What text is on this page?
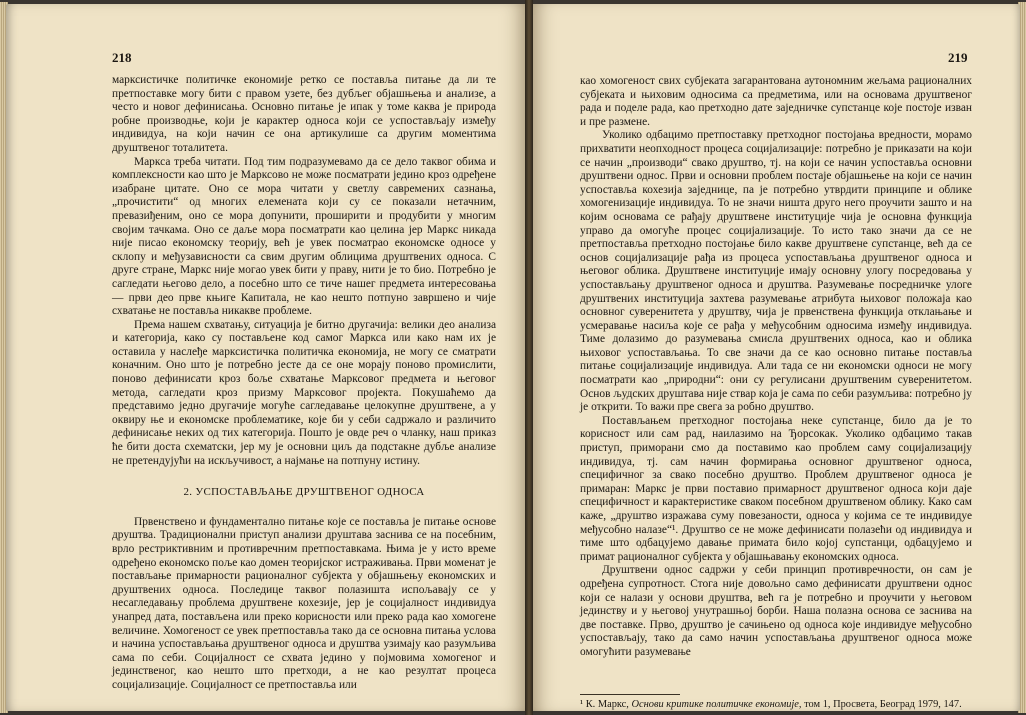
218

марксистичке политичке економије ретко се поставља питање да ли те претпоставке могу бити с правом узете, без дубљег објашњења и анализе, а често и новог дефинисања. Основно питање је ипак у томе каква је природа робне производње, који је карактер односа који се успостављају између индивидуа, на који начин се она артикулише са другим моментима друштвеног тоталитета.

Маркса треба читати. Под тим подразумевамо да се дело таквог обима и комплексности као што је Марксово не може посматрати једино кроз одређене изабране цитате. Оно се мора читати у светлу савремених сазнања, „прочистити“ од многих елемената који су се показали нетачним, превазиђеним, оно се мора допунити, проширити и продубити у многим својим тачкама. Оно се даље мора посматрати као целина јер Маркс никада није писао економску теорију, већ је увек посматрао економске односе у склопу и међузависности са свим другим облицима друштвених односа. С друге стране, Маркс није могао увек бити у праву, нити је то био. Потребно је сагледати његово дело, а посебно што се тиче нашег предмета интересовања — први део прве књиге Капитала, не као нешто потпуно завршено и чије схватање не поставља никакве проблеме.

Према нашем схватању, ситуација је битно другачија: велики део анализа и категорија, како су постављене код самог Маркса или како нам их је оставила у наслеђе марксистичка политичка економија, не могу се сматрати коначним. Оно што је потребно јесте да се оне морају поново промислити, поново дефинисати кроз боље схватање Марксовог предмета и његовог метода, сагледати кроз призму Марксовог пројекта. Покушаћемо да представимо једно другачије могуће сагледавање целокупне друштвене, а у оквиру ње и економске проблематике, које би у себи садржало и различито дефинисање неких од тих категорија. Пошто је овде реч о чланку, наш приказ ће бити доста схематски, јер му је основни циљ да подстакне дубље анализе не претендујући на искључивост, а најмање на потпуну истину.

2. УСПОСТАВЉАЊЕ ДРУШТВЕНОГ ОДНОСА

Првенствено и фундаментално питање које се поставља је питање основе друштва. Традиционални приступ анализи друштава заснива се на посебним, врло рестриктивним и противречним претпоставкама. Њима је у исто време одређено економско поље као домен теоријског истраживања. Први моменат је постављање примарности рационалног субјекта у објашњењу економских и друштвених односа. Последице таквог полазишта испољавају се у несагледавању проблема друштвене кохезије, јер је социјалност индивидуа унапред дата, постављена или преко корисности или преко рада као хомогене величине. Хомогеност се увек претпоставља тако да се основна питања услова и начина успостављања друштвеног односа и друштва узимају као разумљива сама по себи. Социјалност се схвата једино у појмовима хомогеног и јединственог, као нешто што претходи, а не као резултат процеса социјализације. Социјалност се претпоставља или

219

као хомогеност свих субјеката загарантована аутономним жељама рационалних субјеката и њиховим односима са предметима, или на основама друштвеног рада и поделе рада, као претходно дате заједничке супстанце које постоје изван и пре размене.

Уколико одбацимо претпоставку претходног постојања вредности, морамо прихватити неопходност процеса социјализације: потребно је приказати на који се начин „производи“ свако друштво, тј. на који се начин успоставља основни друштвени однос. Први и основни проблем постаје објашњење на који се начин успоставља кохезија заједнице, па је потребно утврдити принципе и облике хомогенизације индивидуа. То не значи ништа друго него проучити зашто и на којим основама се рађају друштвене институције чија је основна функција управо да омогуће процес социјализације. То исто тако значи да се не претпоставља претходно постојање било какве друштвене супстанце, већ да се основ социјализације рађа из процеса успостављања друштвеног односа и његовог облика. Друштвене институције имају основну улогу посредовања у успостављању друштвеног односа и друштва. Разумевање посредничке улоге друштвених институција захтева разумевање атрибута њиховог положаја као основног суверенитета у друштву, чија је првенствена функција отклањање и усмеравање насиља које се рађа у међусобним односима између индивидуа. Тиме долазимо до разумевања смисла друштвених односа, као и облика њиховог успостављања. То све значи да се као основно питање поставља питање социјализације индивидуа. Али тада се ни економски односи не могу посматрати као „природни“: они су регулисани друштвеним суверенитетом. Основ људских друштава није ствар која је сама по себи разумљива: потребно ју је открити. То важи пре свега за робно друштво.

Постављањем претходног постојања неке супстанце, било да је то корисност или сам рад, наилазимо на Ђорсокак. Уколико одбацимо такав приступ, приморани смо да поставимо као проблем саму социјализацију индивидуа, тј. сам начин формирања основног друштвеног односа, специфичног за свако посебно друштво. Проблем друштвеног односа је примаран: Маркс је први поставио примарност друштвеног односа који даје специфичност и карактеристике сваком посебном друштвеном облику. Како сам каже, „друштво изражава суму повезаности, односа у којима се те индивидуе међусобно налазе“¹. Друштво се не може дефинисати полазећи од индивидуа и тиме што одбацујемо давање примата било којој супстанци, одбацујемо и примат рационалног субјекта у објашњавању економских односа.

Друштвени однос садржи у себи принцип противречности, он сам је одређена супротност. Стога није довољно само дефинисати друштвени однос који се налази у основи друштва, већ га је потребно и проучити у његовом јединству и у његовој унутрашњој борби. Наша полазна основа се заснива на две поставке. Прво, друштво је сачињено од односа које индивидуе међусобно успостављају, тако да само начин успостављања друштвеног односа може омогућити разумевање

¹ К. Маркс, Основи критике политичке економије, том 1, Просвета, Београд 1979, 147.
